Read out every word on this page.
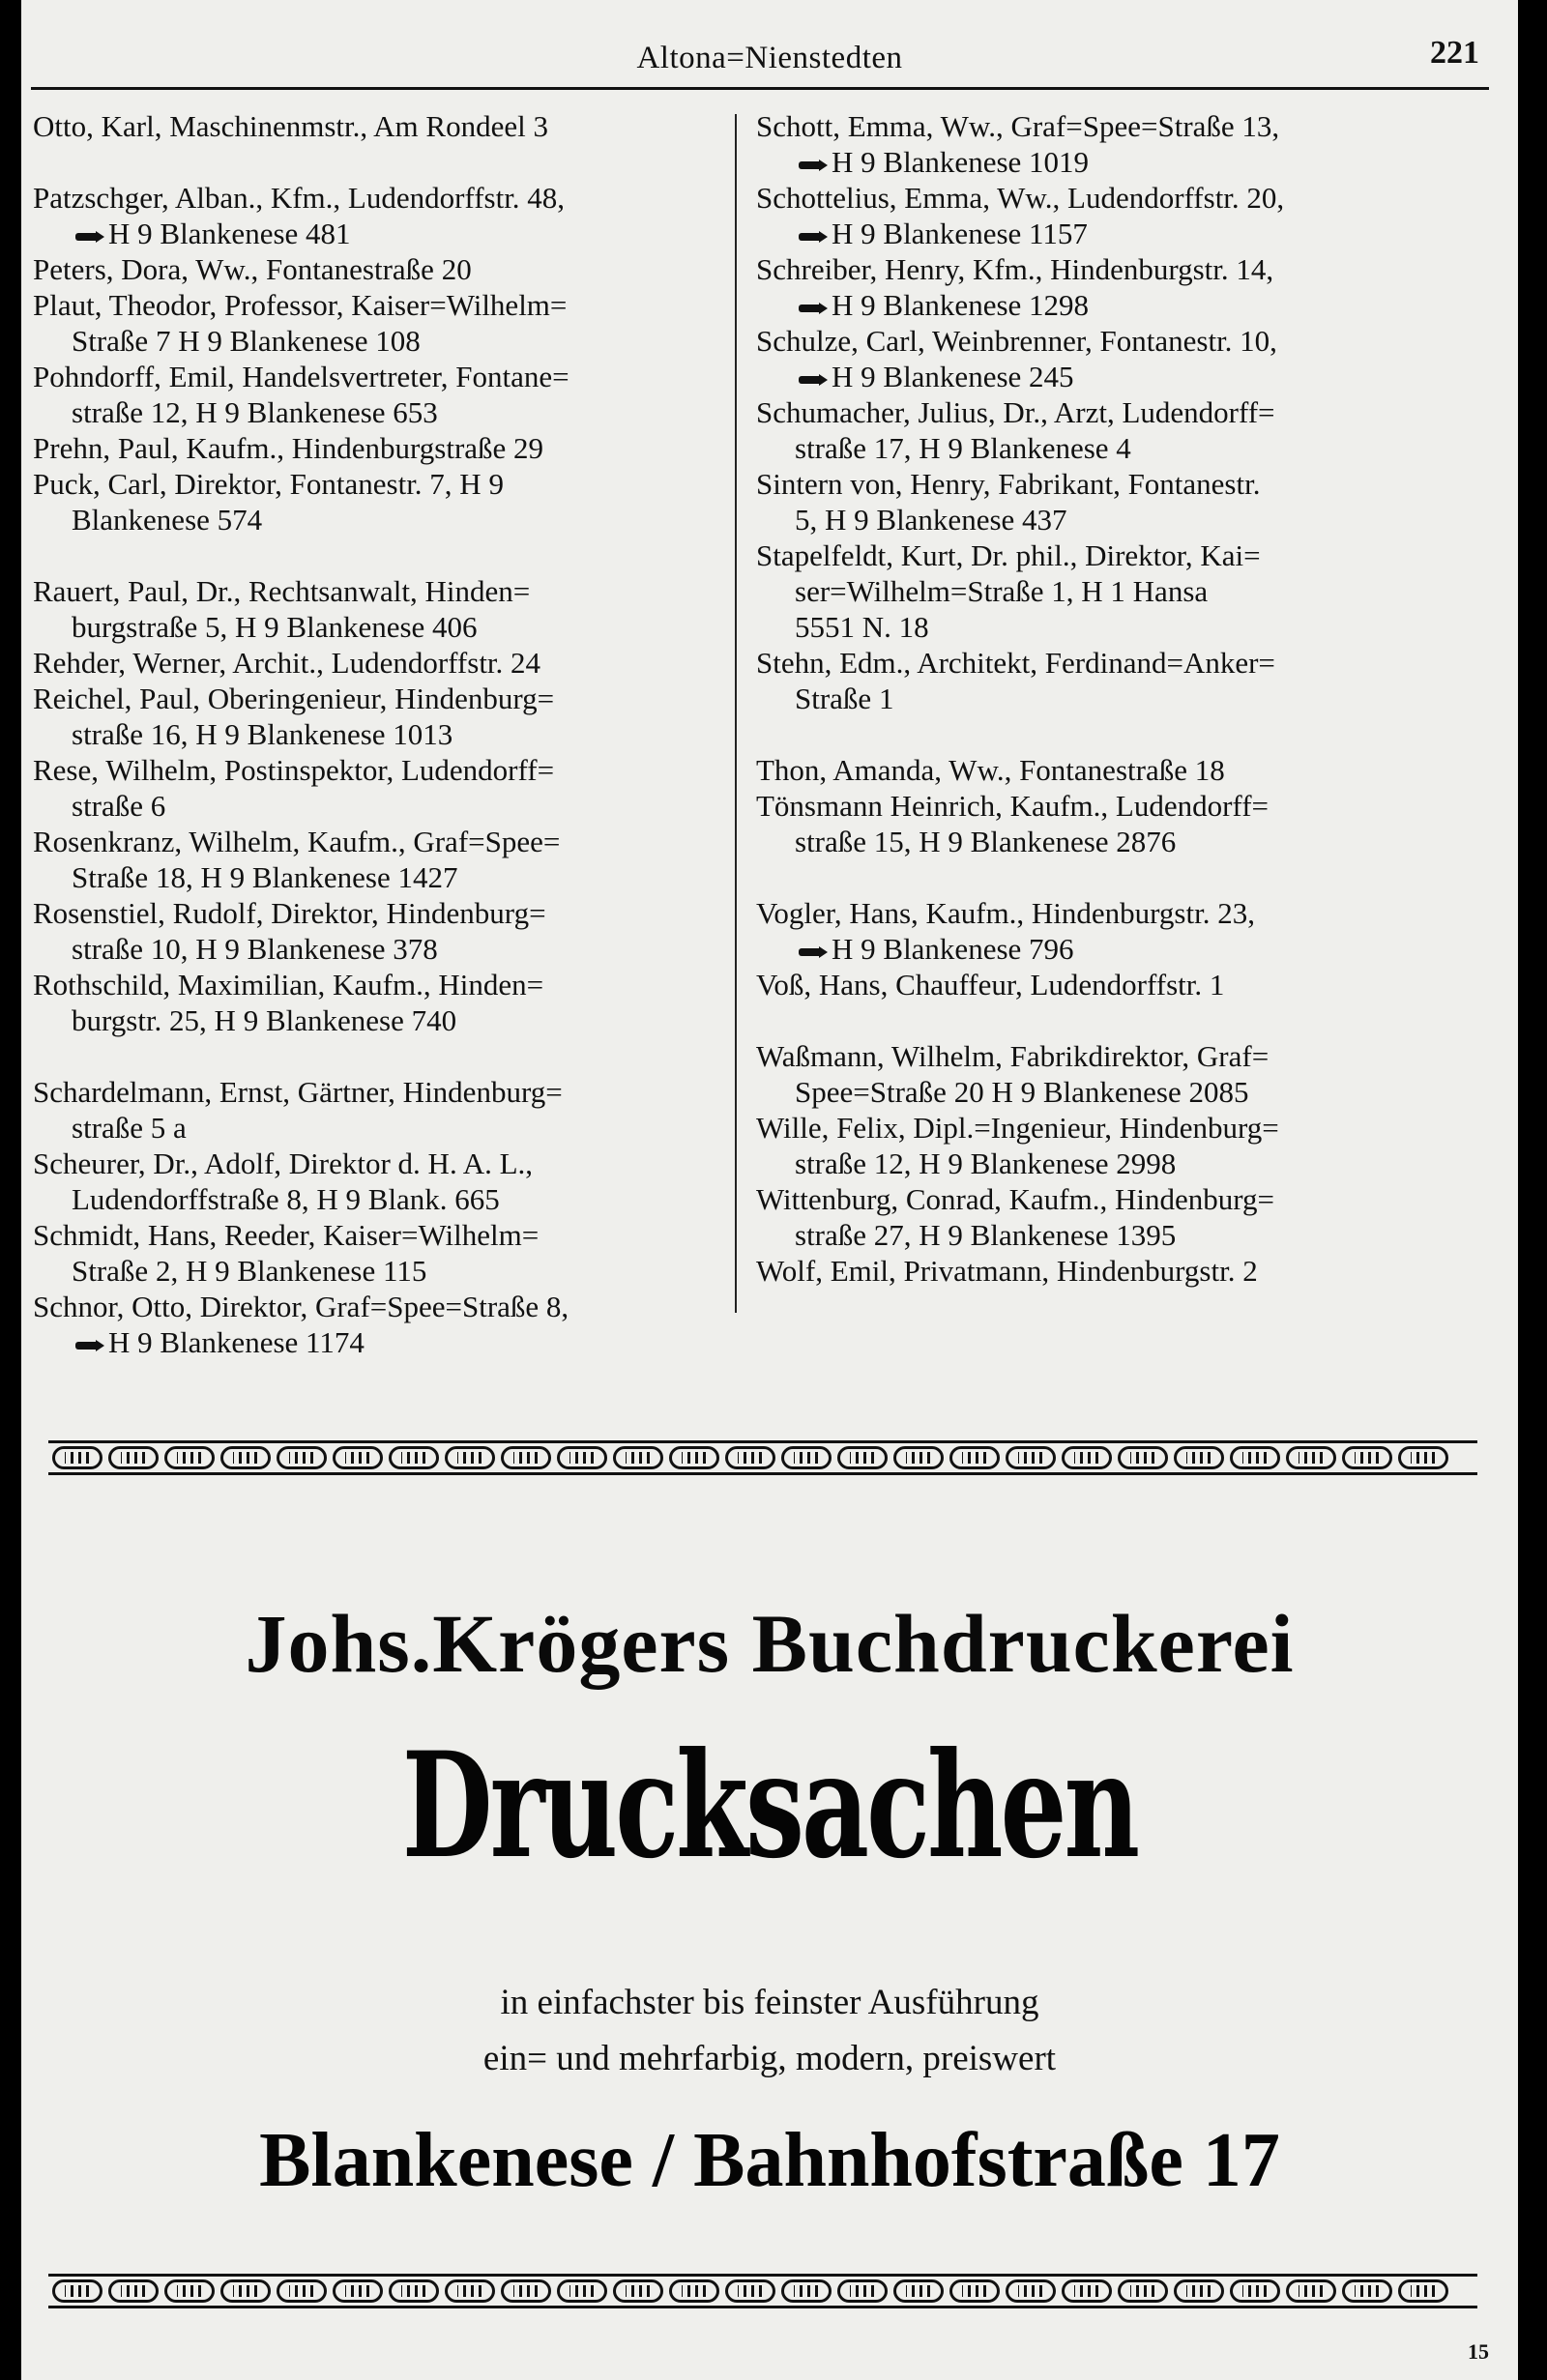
Altona=Nienstedten	221
Otto, Karl, Maschinenmstr., Am Rondeel 3
Patzschger, Alban., Kfm., Ludendorffstr. 48,
H 9 Blankenese 481
Peters, Dora, Ww., Fontanestraße 20
Plaut, Theodor, Professor, Kaiser=Wilhelm=
Straße 7 H 9 Blankenese 108
Pohndorff, Emil, Handelsvertreter, Fontane=
straße 12, H 9 Blankenese 653
Prehn, Paul, Kaufm., Hindenburgstraße 29
Puck, Carl, Direktor, Fontanestr. 7, H 9
Blankenese 574
Rauert, Paul, Dr., Rechtsanwalt, Hinden=
burgstraße 5, H 9 Blankenese 406
Rehder, Werner, Archit., Ludendorffstr. 24
Reichel, Paul, Oberingenieur, Hindenburg=
straße 16, H 9 Blankenese 1013
Rese, Wilhelm, Postinspektor, Ludendorff=
straße 6
Rosenkranz, Wilhelm, Kaufm., Graf=Spee=
Straße 18, H 9 Blankenese 1427
Rosenstiel, Rudolf, Direktor, Hindenburg=
straße 10, H 9 Blankenese 378
Rothschild, Maximilian, Kaufm., Hinden=
burgstr. 25, H 9 Blankenese 740
Schardelmann, Ernst, Gärtner, Hindenburg=
straße 5 a
Scheurer, Dr., Adolf, Direktor d. H. A. L.,
Ludendorffstraße 8, H 9 Blank. 665
Schmidt, Hans, Reeder, Kaiser=Wilhelm=
Straße 2, H 9 Blankenese 115
Schnor, Otto, Direktor, Graf=Spee=Straße 8,
H 9 Blankenese 1174
Schott, Emma, Ww., Graf=Spee=Straße 13,
H 9 Blankenese 1019
Schottelius, Emma, Ww., Ludendorffstr. 20,
H 9 Blankenese 1157
Schreiber, Henry, Kfm., Hindenburgstr. 14,
H 9 Blankenese 1298
Schulze, Carl, Weinbrenner, Fontanestr. 10,
H 9 Blankenese 245
Schumacher, Julius, Dr., Arzt, Ludendorff=
straße 17, H 9 Blankenese 4
Sintern von, Henry, Fabrikant, Fontanestr.
5, H 9 Blankenese 437
Stapelfeldt, Kurt, Dr. phil., Direktor, Kai=
ser=Wilhelm=Straße 1, H 1 Hansa
5551 N. 18
Stehn, Edm., Architekt, Ferdinand=Anker=
Straße 1
Thon, Amanda, Ww., Fontanestraße 18
Tönsmann Heinrich, Kaufm., Ludendorff=
straße 15, H 9 Blankenese 2876
Vogler, Hans, Kaufm., Hindenburgstr. 23,
H 9 Blankenese 796
Voß, Hans, Chauffeur, Ludendorffstr. 1
Waßmann, Wilhelm, Fabrikdirektor, Graf=
Spee=Straße 20 H 9 Blankenese 2085
Wille, Felix, Dipl.=Ingenieur, Hindenburg=
straße 12, H 9 Blankenese 2998
Wittenburg, Conrad, Kaufm., Hindenburg=
straße 27, H 9 Blankenese 1395
Wolf, Emil, Privatmann, Hindenburgstr. 2
Johs.Krögers Buchdruckerei
Drucksachen
in einfachster bis feinster Ausführung
ein= und mehrfarbig, modern, preiswert
Blankenese / Bahnhofstraße 17
15
